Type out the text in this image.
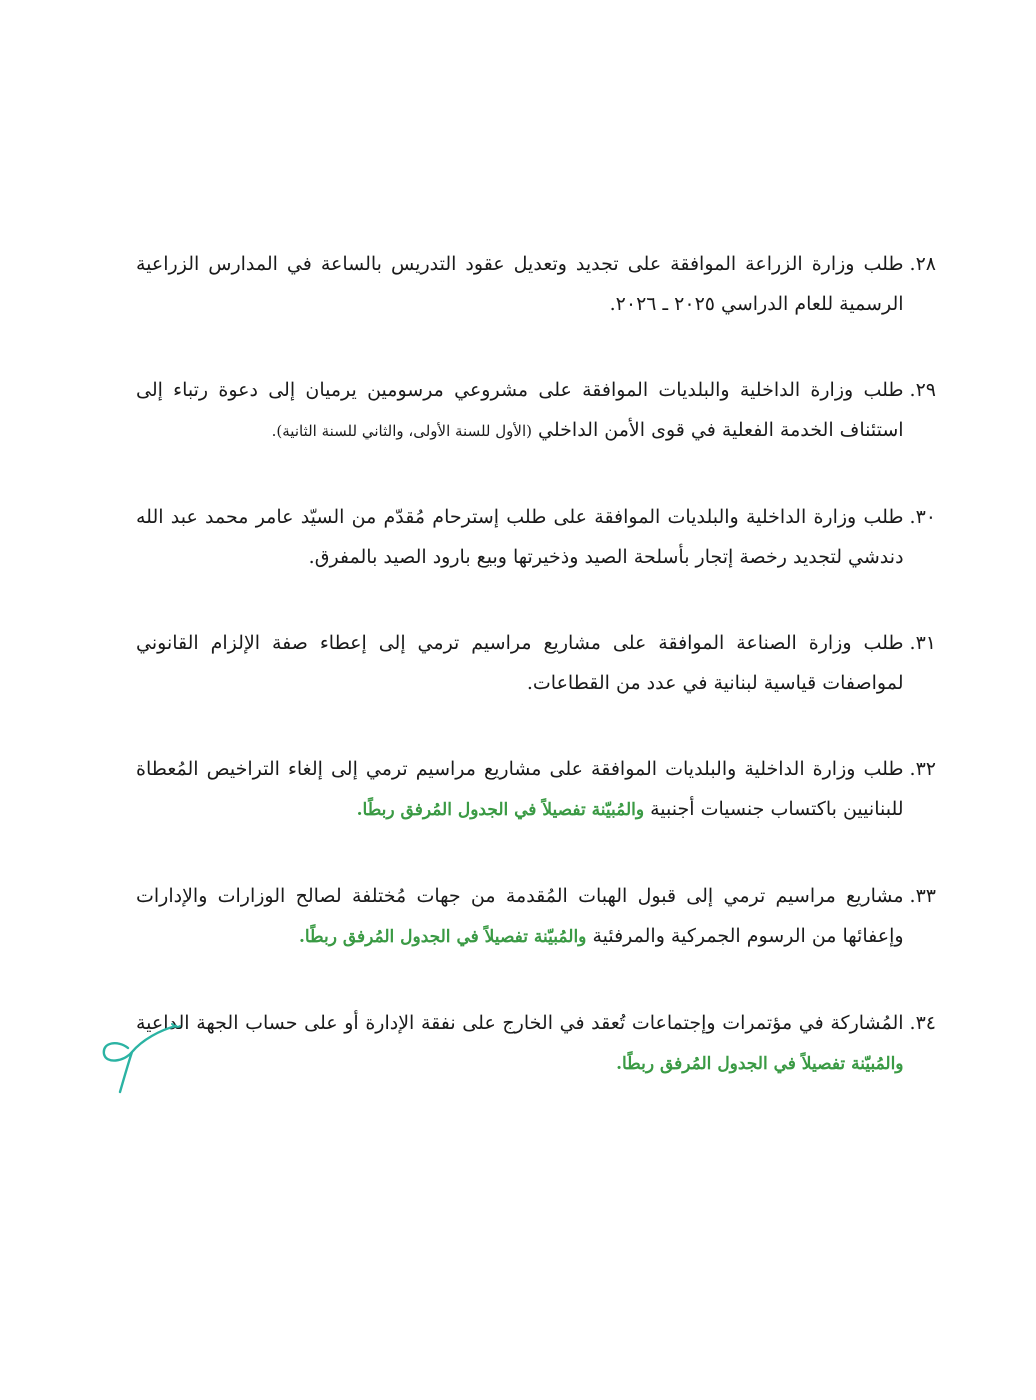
٢٨.
طلب وزارة الزراعة الموافقة على تجديد وتعديل عقود التدريس بالساعة في المدارس الزراعية الرسمية للعام الدراسي ٢٠٢٥ ـ ٢٠٢٦.
٢٩.
طلب وزارة الداخلية والبلديات الموافقة على مشروعي مرسومين يرميان إلى دعوة رتباء إلى استئناف الخدمة الفعلية في قوى الأمن الداخلي (الأول للسنة الأولى، والثاني للسنة الثانية).
٣٠.
طلب وزارة الداخلية والبلديات الموافقة على طلب إسترحام مُقدّم من السيّد عامر محمد عبد الله دندشي لتجديد رخصة إتجار بأسلحة الصيد وذخيرتها وبيع بارود الصيد بالمفرق.
٣١.
طلب وزارة الصناعة الموافقة على مشاريع مراسيم ترمي إلى إعطاء صفة الإلزام القانوني لمواصفات قياسية لبنانية في عدد من القطاعات.
٣٢.
طلب وزارة الداخلية والبلديات الموافقة على مشاريع مراسيم ترمي إلى إلغاء التراخيص المُعطاة للبنانيين باكتساب جنسيات أجنبية والمُبيّنة تفصيلاً في الجدول المُرفق ربطًا.
٣٣.
مشاريع مراسيم ترمي إلى قبول الهبات المُقدمة من جهات مُختلفة لصالح الوزارات والإدارات وإعفائها من الرسوم الجمركية والمرفئية والمُبيّنة تفصيلاً في الجدول المُرفق ربطًا.
٣٤.
المُشاركة في مؤتمرات وإجتماعات تُعقد في الخارج على نفقة الإدارة أو على حساب الجهة الداعية والمُبيّنة تفصيلاً في الجدول المُرفق ربطًا.
